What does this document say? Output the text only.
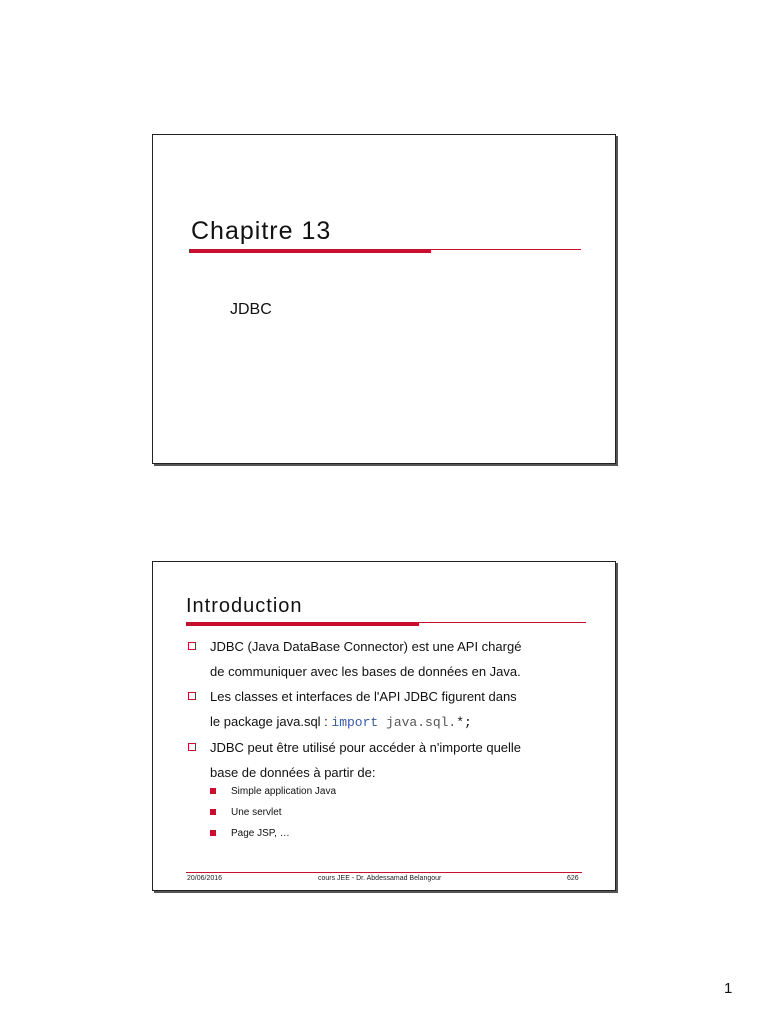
Chapitre 13
JDBC
Introduction
JDBC (Java DataBase Connector) est une API chargé
de communiquer avec les bases de données en Java.
Les classes et interfaces de l'API JDBC figurent dans
le package java.sql : import java.sql.*;
JDBC peut être utilisé pour accéder à n'importe quelle
base de données à partir de:
Simple application Java
Une servlet
Page JSP, …
20/06/2016	cours JEE - Dr. Abdessamad Belangour	626
1
